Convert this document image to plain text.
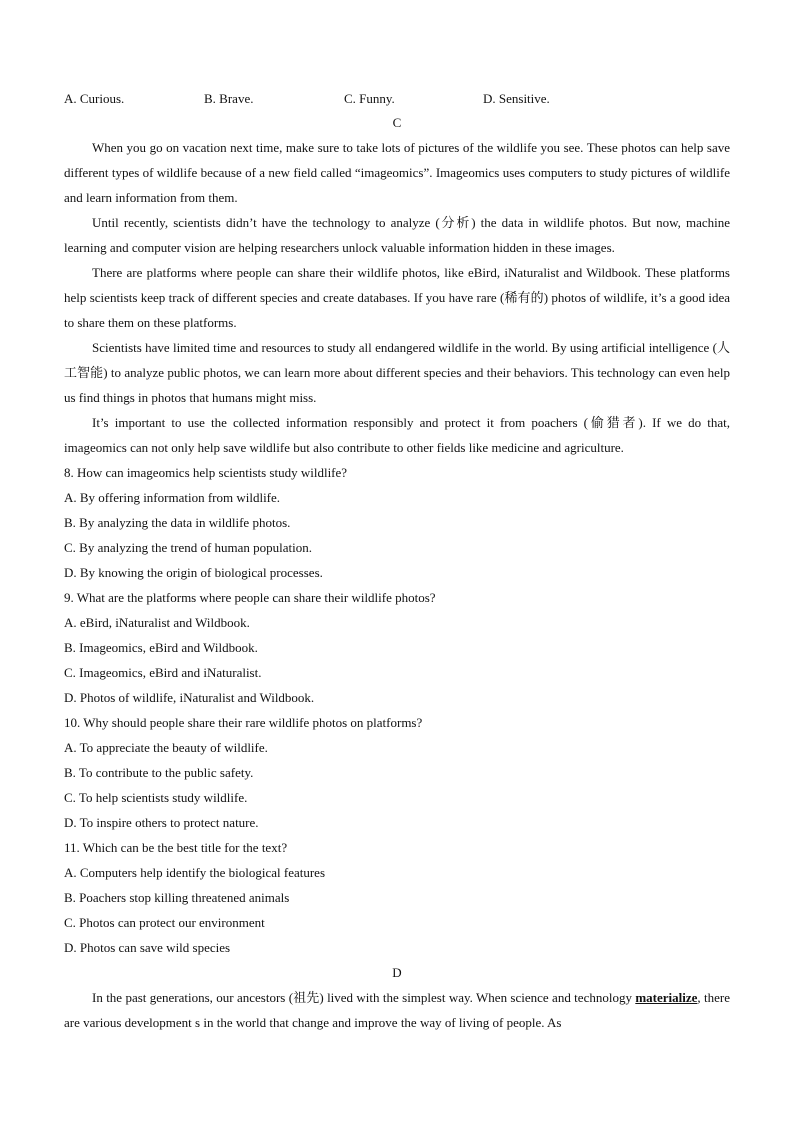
A. Curious.	B. Brave.	C. Funny.	D. Sensitive.
C

When you go on vacation next time, make sure to take lots of pictures of the wildlife you see. These photos can help save different types of wildlife because of a new field called “imageomics”. Imageomics uses computers to study pictures of wildlife and learn information from them.

Until recently, scientists didn’t have the technology to analyze (分析) the data in wildlife photos. But now, machine learning and computer vision are helping researchers unlock valuable information hidden in these images.

There are platforms where people can share their wildlife photos, like eBird, iNaturalist and Wildbook. These platforms help scientists keep track of different species and create databases. If you have rare (稀有的) photos of wildlife, it’s a good idea to share them on these platforms.

Scientists have limited time and resources to study all endangered wildlife in the world. By using artificial intelligence (人工智能) to analyze public photos, we can learn more about different species and their behaviors. This technology can even help us find things in photos that humans might miss.

It’s important to use the collected information responsibly and protect it from poachers (偷猎者). If we do that, imageomics can not only help save wildlife but also contribute to other fields like medicine and agriculture.

8. How can imageomics help scientists study wildlife?
A. By offering information from wildlife.
B. By analyzing the data in wildlife photos.
C. By analyzing the trend of human population.
D. By knowing the origin of biological processes.
9. What are the platforms where people can share their wildlife photos?
A. eBird, iNaturalist and Wildbook.
B. Imageomics, eBird and Wildbook.
C. Imageomics, eBird and iNaturalist.
D. Photos of wildlife, iNaturalist and Wildbook.
10. Why should people share their rare wildlife photos on platforms?
A. To appreciate the beauty of wildlife.
B. To contribute to the public safety.
C. To help scientists study wildlife.
D. To inspire others to protect nature.
11. Which can be the best title for the text?
A. Computers help identify the biological features
B. Poachers stop killing threatened animals
C. Photos can protect our environment
D. Photos can save wild species
D

In the past generations, our ancestors (祖先) lived with the simplest way. When science and technology materialize, there are various development s in the world that change and improve the way of living of people. As
